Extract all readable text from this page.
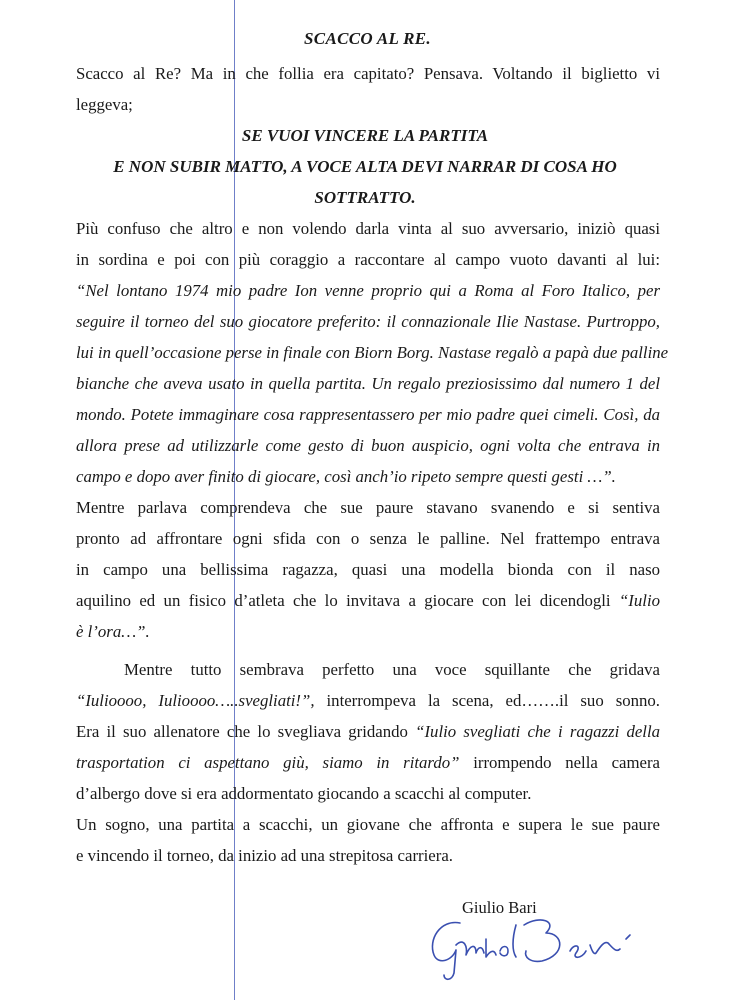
SCACCO AL RE.
Scacco al Re? Ma in che follia era capitato? Pensava. Voltando il biglietto vi
leggeva;
SE VUOI VINCERE LA PARTITA
E NON SUBIR MATTO, A VOCE ALTA DEVI NARRAR DI COSA HO
SOTTRATTO.
Più confuso che altro e non volendo darla vinta al suo avversario, iniziò quasi
in sordina e poi con più coraggio a raccontare al campo vuoto davanti al lui:
“Nel lontano 1974 mio padre Ion venne proprio qui a Roma al Foro Italico, per
seguire il torneo del suo giocatore preferito: il connazionale Ilie Nastase. Purtroppo,
lui in quell’occasione perse in finale con Biorn Borg. Nastase regalò a papà due palline
bianche che aveva usato in quella partita. Un regalo preziosissimo dal numero 1 del
mondo. Potete immaginare cosa rappresentassero per mio padre quei cimeli. Così, da
allora prese ad utilizzarle come gesto di buon auspicio, ogni volta che entrava in
campo e dopo aver finito di giocare, così anch’io ripeto sempre questi gesti …”.
Mentre parlava comprendeva che sue paure stavano svanendo e si sentiva
pronto ad affrontare ogni sfida con o senza le palline. Nel frattempo entrava
in campo una bellissima ragazza, quasi una modella bionda con il naso
aquilino ed un fisico d’atleta che lo invitava a giocare con lei dicendogli “Iulio
è l’ora…”.
Mentre tutto sembrava perfetto una voce squillante che gridava
“Iulioooo, Iulioooo…..svegliati!”, interrompeva la scena, ed…….il suo sonno.
Era il suo allenatore che lo svegliava gridando “Iulio svegliati che i ragazzi della
trasportation ci aspettano giù, siamo in ritardo” irrompendo nella camera
d’albergo dove si era addormentato giocando a scacchi al computer.
Un sogno, una partita a scacchi, un giovane che affronta e supera le sue paure
e vincendo il torneo, da inizio ad una strepitosa carriera.
Giulio Bari
